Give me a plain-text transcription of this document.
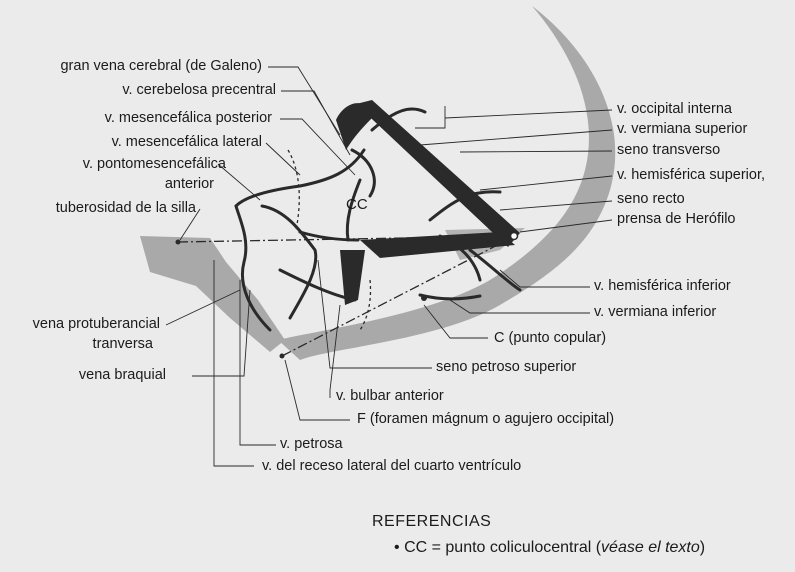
gran vena cerebral (de Galeno)
v. cerebelosa precentral
v. mesencefálica posterior
v. mesencefálica lateral
v. pontomesencefálica
anterior
tuberosidad de la silla
vena protuberancial
tranversa
vena braquial
v. occipital interna
v. vermiana superior
seno transverso
v. hemisférica superior,
seno recto
prensa de Herófilo
v. hemisférica inferior
v. vermiana inferior
C (punto copular)
seno petroso superior
v. bulbar anterior
F (foramen mágnum o agujero occipital)
v. petrosa
v. del receso lateral del cuarto ventrículo
CC
REFERENCIAS
• CC = punto coliculocentral (véase el texto)
